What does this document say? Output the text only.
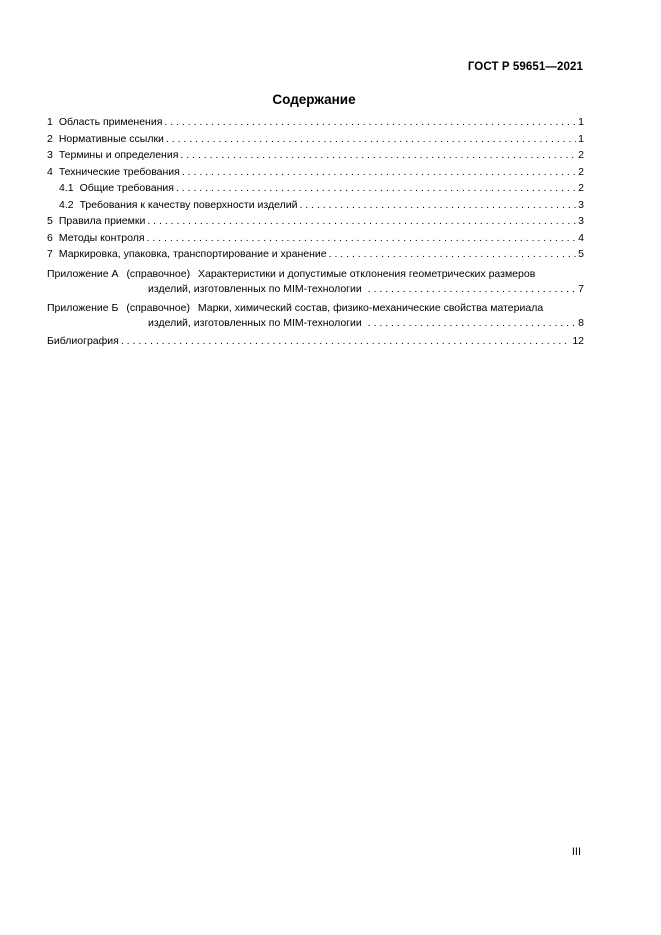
ГОСТ Р 59651—2021
Содержание
1 Область применения . . .	1
2 Нормативные ссылки . . .	1
3 Термины и определения . . .	2
4 Технические требования . . .	2
4.1 Общие требования . . .	2
4.2 Требования к качеству поверхности изделий . . .	3
5 Правила приемки . . .	3
6 Методы контроля . . .	4
7 Маркировка, упаковка, транспортирование и хранение . . .	5
Приложение А (справочное) Характеристики и допустимые отклонения геометрических размеров
изделий, изготовленных по MIM-технологии . . .	7
Приложение Б (справочное) Марки, химический состав, физико-механические свойства материала
изделий, изготовленных по MIM-технологии . . .	8
Библиография . . .	12
III
